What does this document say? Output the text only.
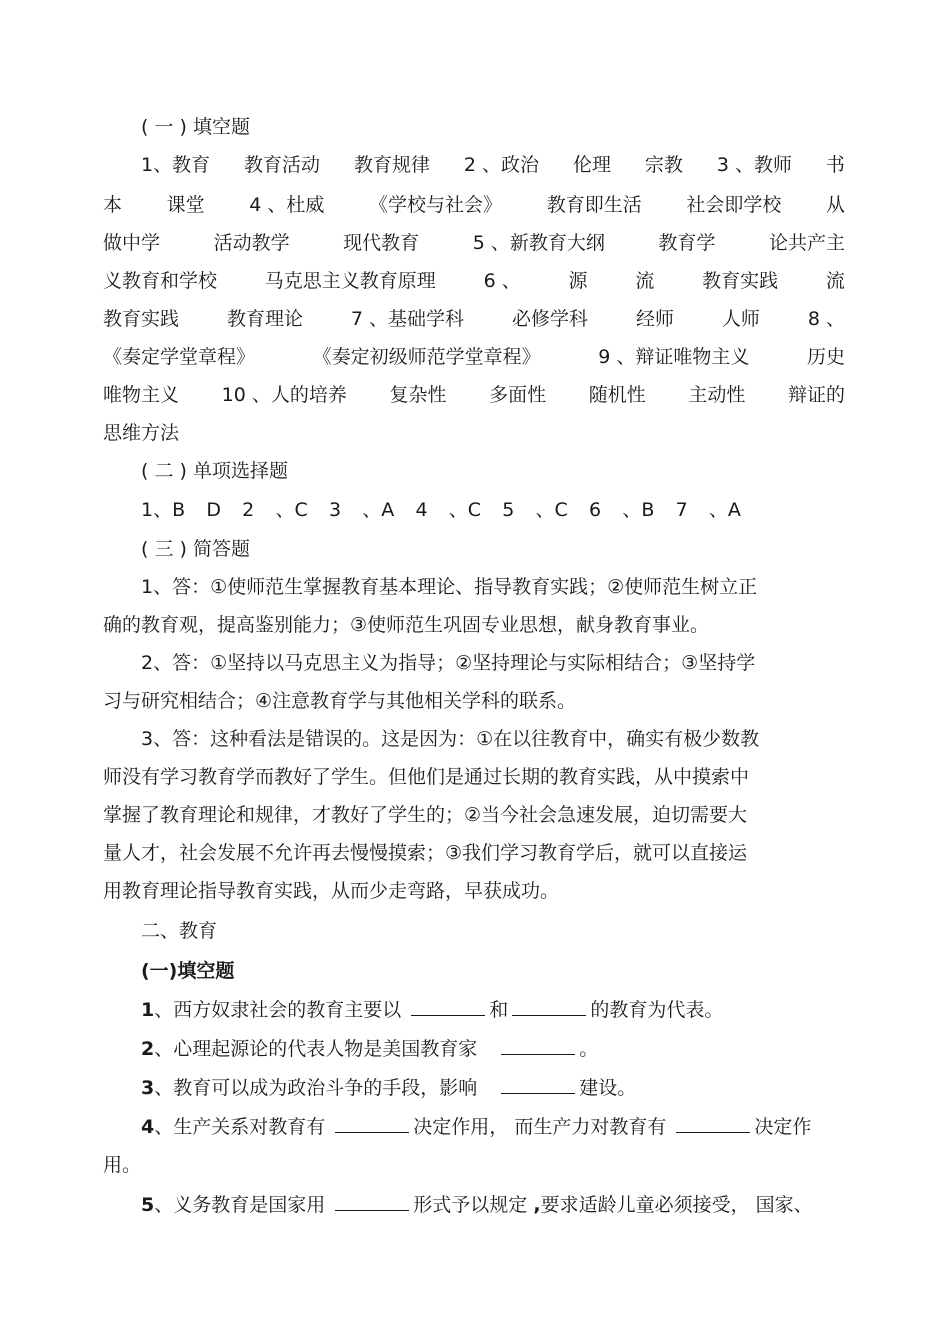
( 一 ) 填空题
1、教育 教育活动 教育规律 2 、政治 伦理 宗教 3 、教师 书
本 课堂 4 、杜威 《学校与社会》 教育即生活 社会即学校 从
做中学	活动教学	现代教育	5 、新教育大纲	教育学	论共产主
义教育和学校	马克思主义教育原理	6 、	源	流	教育实践	流
教育实践	教育理论	7 、基础学科	必修学科	经师	人师	8 、
《奏定学堂章程》	《奏定初级师范学堂章程》	9 、辩证唯物主义	历史
唯物主义 10 、人的培养 复杂性 多面性 随机性 主动性 辩证的
思维方法
( 二 ) 单项选择题
1、B D 2 、C 3 、A 4 、C 5 、C 6 、B 7 、A
( 三 ) 简答题
1、答：①使师范生掌握教育基本理论、指导教育实践；②使师范生树立正
确的教育观，提高鉴别能力；③使师范生巩固专业思想，献身教育事业。
2、答：①坚持以马克思主义为指导；②坚持理论与实际相结合；③坚持学
习与研究相结合；④注意教育学与其他相关学科的联系。
3、答：这种看法是错误的。这是因为：①在以往教育中，确实有极少数教
师没有学习教育学而教好了学生。但他们是通过长期的教育实践，从中摸索中
掌握了教育理论和规律，才教好了学生的；②当今社会急速发展，迫切需要大
量人才，社会发展不允许再去慢慢摸索；③我们学习教育学后，就可以直接运
用教育理论指导教育实践，从而少走弯路，早获成功。
二、教育
(一)填空题
1、西方奴隶社会的教育主要以	和	的教育为代表。
2、心理起源论的代表人物是美国教育家	。
3、教育可以成为政治斗争的手段，影响	建设。
4、生产关系对教育有	决定作用， 而生产力对教育有	决定作
用。
5、义务教育是国家用	形式予以规定 ,要求适龄儿童必须接受， 国家、
